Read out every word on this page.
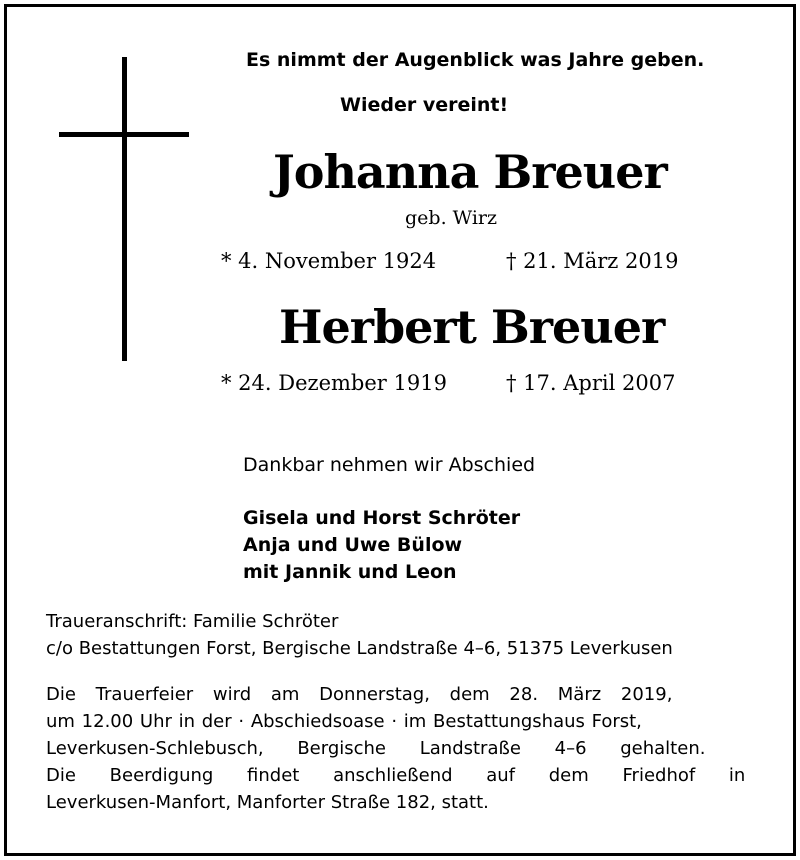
Es nimmt der Augenblick was Jahre geben.
Wieder vereint!
Johanna Breuer
geb. Wirz
* 4. November 1924	† 21. März 2019
Herbert Breuer
* 24. Dezember 1919	† 17. April 2007
Dankbar nehmen wir Abschied
Gisela und Horst Schröter
Anja und Uwe Bülow
mit Jannik und Leon
Traueranschrift: Familie Schröter
c/o Bestattungen Forst, Bergische Landstraße 4–6, 51375 Leverkusen
Die Trauerfeier wird am Donnerstag, dem 28. März 2019,
um 12.00 Uhr in der · Abschiedsoase · im Bestattungshaus Forst,
Leverkusen-Schlebusch, Bergische Landstraße 4–6 gehalten.
Die Beerdigung findet anschließend auf dem Friedhof in
Leverkusen-Manfort, Manforter Straße 182, statt.
